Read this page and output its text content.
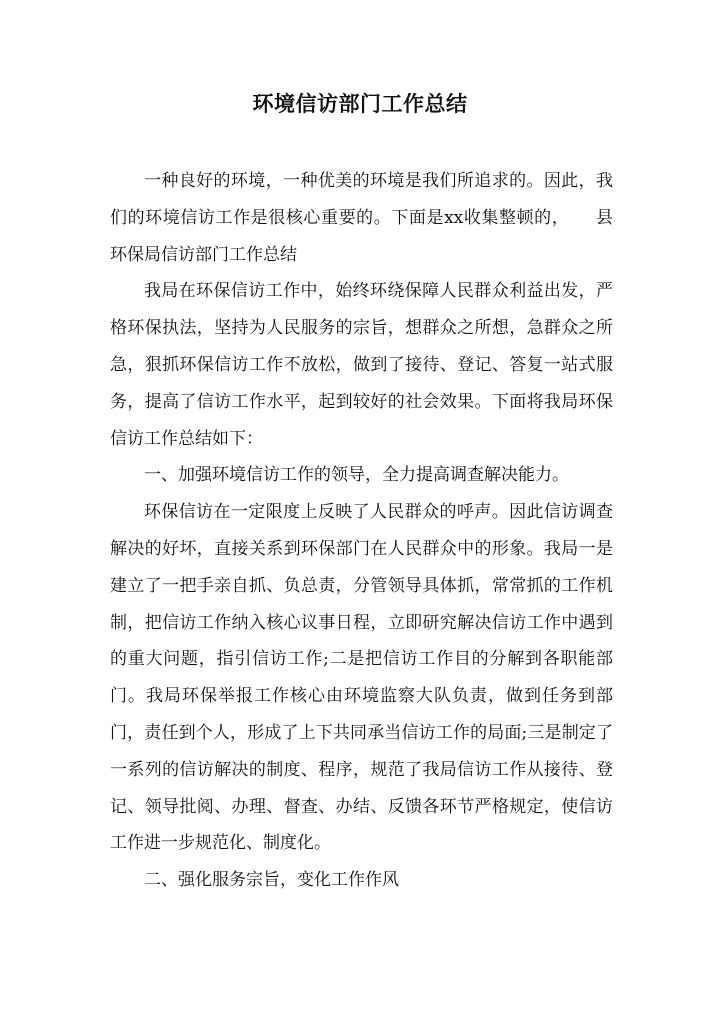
环境信访部门工作总结

一种良好的环境，一种优美的环境是我们所追求的。因此，我们的环境信访工作是很核心重要的。下面是xx收集整顿的，　　县环保局信访部门工作总结

我局在环保信访工作中，始终环绕保障人民群众利益出发，严格环保执法，坚持为人民服务的宗旨，想群众之所想，急群众之所急，狠抓环保信访工作不放松，做到了接待、登记、答复一站式服务，提高了信访工作水平，起到较好的社会效果。下面将我局环保信访工作总结如下：

一、加强环境信访工作的领导，全力提高调查解决能力。

环保信访在一定限度上反映了人民群众的呼声。因此信访调查解决的好坏，直接关系到环保部门在人民群众中的形象。我局一是建立了一把手亲自抓、负总责，分管领导具体抓，常常抓的工作机制，把信访工作纳入核心议事日程，立即研究解决信访工作中遇到的重大问题，指引信访工作;二是把信访工作目的分解到各职能部门。我局环保举报工作核心由环境监察大队负责，做到任务到部门，责任到个人，形成了上下共同承当信访工作的局面;三是制定了一系列的信访解决的制度、程序，规范了我局信访工作从接待、登记、领导批阅、办理、督查、办结、反馈各环节严格规定，使信访工作进一步规范化、制度化。

二、强化服务宗旨，变化工作作风
